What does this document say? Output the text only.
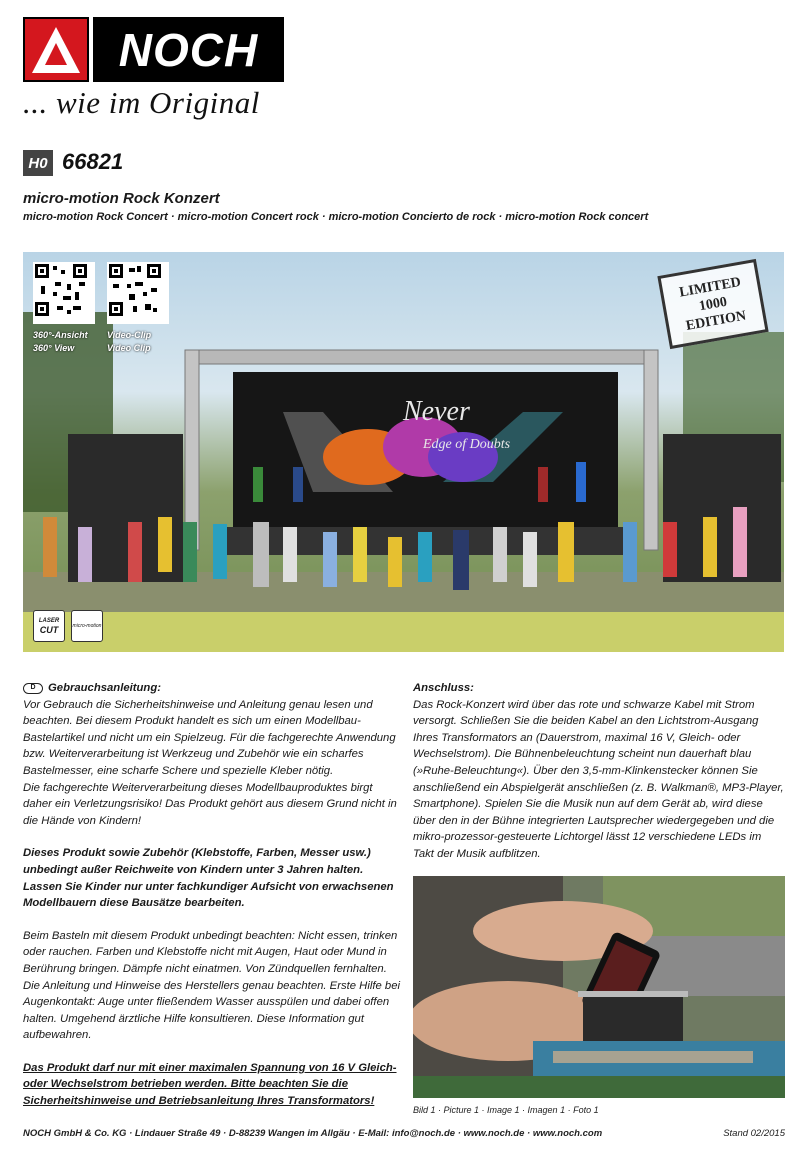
NOCH
... wie im Original
H0 66821
micro-motion Rock Konzert
micro-motion Rock Concert · micro-motion Concert rock · micro-motion Concierto de rock · micro-motion Rock concert
Never
Edge of Doubts
360°-Ansicht
360° View
Video-Clip
Video Clip
LIMITED
1000
EDITION
LASER
CUT	micro-motion
D	Gebrauchsanleitung:
Vor Gebrauch die Sicherheitshinweise und Anleitung genau lesen und beachten. Bei diesem Produkt handelt es sich um einen Modellbau-Bastelartikel und nicht um ein Spielzeug. Für die fachgerechte Anwendung bzw. Weiterverarbeitung ist Werkzeug und Zubehör wie ein scharfes Bastelmesser, eine scharfe Schere und spezielle Kleber nötig.
Die fachgerechte Weiterverarbeitung dieses Modellbauproduktes birgt daher ein Verletzungsrisiko! Das Produkt gehört aus diesem Grund nicht in die Hände von Kindern!
Dieses Produkt sowie Zubehör (Klebstoffe, Farben, Messer usw.) unbedingt außer Reichweite von Kindern unter 3 Jahren halten. Lassen Sie Kinder nur unter fachkundiger Aufsicht von erwachsenen Modellbauern diese Bausätze bearbeiten.
Beim Basteln mit diesem Produkt unbedingt beachten: Nicht essen, trinken oder rauchen. Farben und Klebstoffe nicht mit Augen, Haut oder Mund in Berührung bringen. Dämpfe nicht einatmen. Von Zündquellen fernhalten. Die Anleitung und Hinweise des Herstellers genau beachten. Erste Hilfe bei Augenkontakt: Auge unter fließendem Wasser ausspülen und dabei offen halten. Umgehend ärztliche Hilfe konsultieren. Diese Information gut aufbewahren.
Das Produkt darf nur mit einer maximalen Spannung von 16 V Gleich- oder Wechselstrom betrieben werden. Bitte beachten Sie die Sicherheitshinweise und Betriebsanleitung Ihres Transformators!
Anschluss:
Das Rock-Konzert wird über das rote und schwarze Kabel mit Strom versorgt. Schließen Sie die beiden Kabel an den Lichtstrom-Ausgang Ihres Transformators an (Dauerstrom, maximal 16 V, Gleich- oder Wechselstrom). Die Bühnenbeleuchtung scheint nun dauerhaft blau (»Ruhe-Beleuchtung«). Über den 3,5-mm-Klinkenstecker können Sie anschließend ein Abspielgerät anschließen (z. B. Walkman®, MP3-Player, Smartphone). Spielen Sie die Musik nun auf dem Gerät ab, wird diese über den in der Bühne integrierten Lautsprecher wiedergegeben und die mikro-prozessor-gesteuerte Lichtorgel lässt 12 verschiedene LEDs im Takt der Musik aufblitzen.
Bild 1 · Picture 1 · Image 1 · Imagen 1 · Foto 1
NOCH GmbH & Co. KG · Lindauer Straße 49 · D-88239 Wangen im Allgäu · E-Mail: info@noch.de · www.noch.de · www.noch.com	Stand 02/2015
